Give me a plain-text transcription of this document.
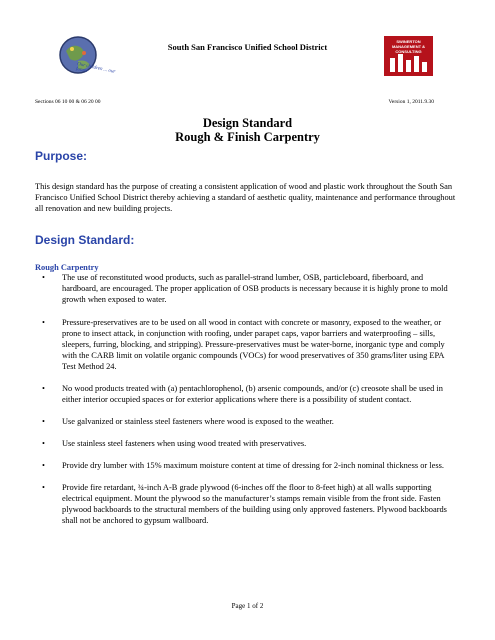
Our children ... our future
South San Francisco Unified School District
SWINERTON MANAGEMENT & CONSULTING
Sections 06 10 00 & 06 20 00	Version 1, 2011.9.30
Design Standard
Rough & Finish Carpentry
Purpose:
This design standard has the purpose of creating a consistent application of wood and plastic work throughout the South San Francisco Unified School District thereby achieving a standard of aesthetic quality, maintenance and performance throughout all renovation and new building projects.
Design Standard:
Rough Carpentry
• The use of reconstituted wood products, such as parallel-strand lumber, OSB, particleboard, fiberboard, and hardboard, are encouraged. The proper application of OSB products is necessary because it is highly prone to mold growth when exposed to water.
• Pressure-preservatives are to be used on all wood in contact with concrete or masonry, exposed to the weather, or prone to insect attack, in conjunction with roofing, under parapet caps, vapor barriers and waterproofing – sills, sleepers, furring, blocking, and stripping). Pressure-preservatives must be water-borne, inorganic type and comply with the CARB limit on volatile organic compounds (VOCs) for wood preservatives of 350 grams/liter using EPA Test Method 24.
• No wood products treated with (a) pentachlorophenol, (b) arsenic compounds, and/or (c) creosote shall be used in either interior occupied spaces or for exterior applications where there is a possibility of student contact.
• Use galvanized or stainless steel fasteners where wood is exposed to the weather.
• Use stainless steel fasteners when using wood treated with preservatives.
• Provide dry lumber with 15% maximum moisture content at time of dressing for 2-inch nominal thickness or less.
• Provide fire retardant, ¾-inch A-B grade plywood (6-inches off the floor to 8-feet high) at all walls supporting electrical equipment. Mount the plywood so the manufacturer’s stamps remain visible from the front side. Fasten plywood backboards to the structural members of the building using only approved fasteners. Plywood backboards shall not be anchored to gypsum wallboard.
Page 1 of 2
